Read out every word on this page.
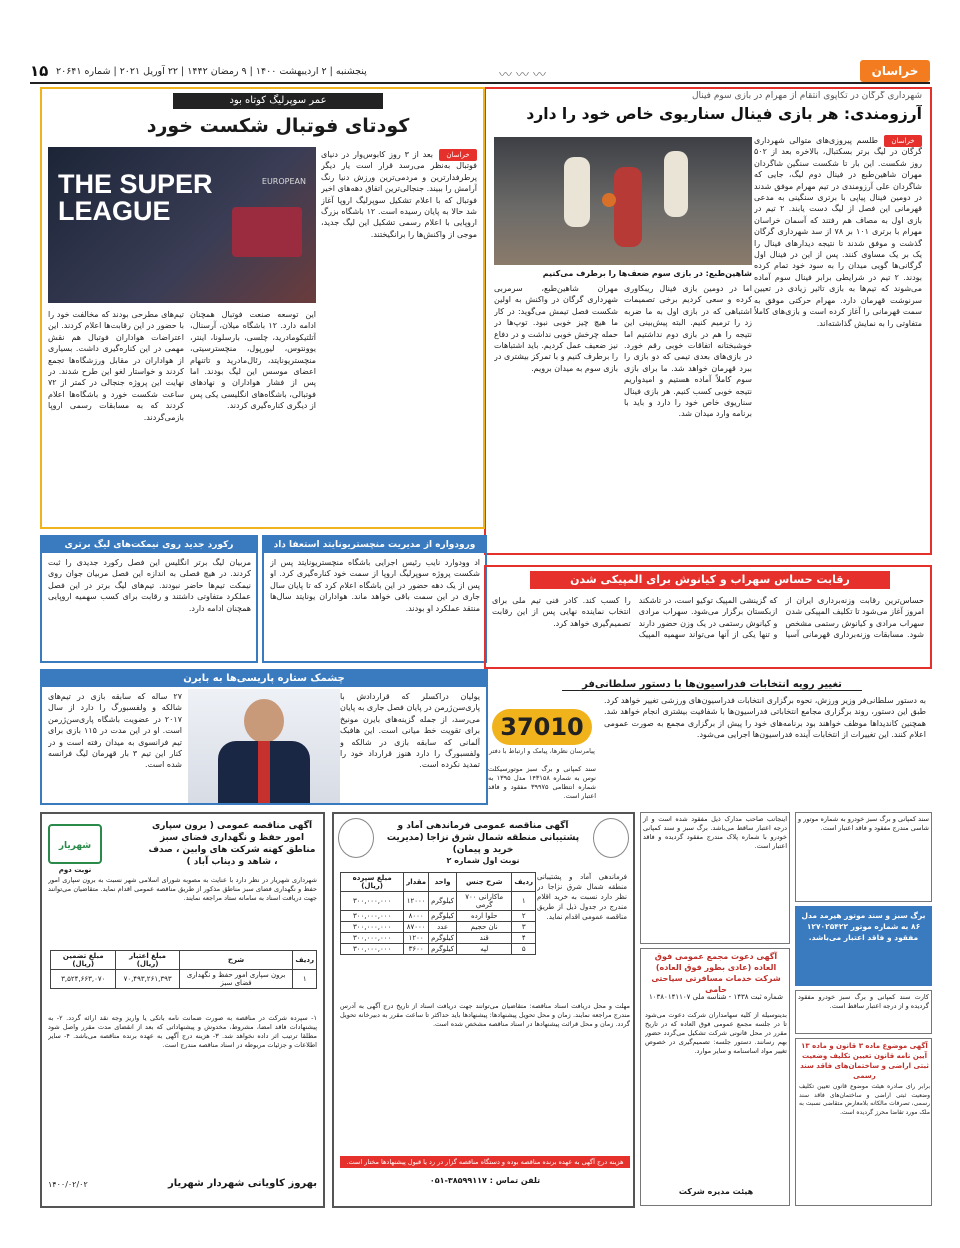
خراسان
〰〰〰
پنجشنبه | ۲ اردیبهشت ۱۴۰۰ | ۹ رمضان ۱۴۴۲ | ۲۲ آوریل ۲۰۲۱ | شماره ۲۰۶۴۱
۱۵
شهرداری گرگان در تکاپوی انتقام از مهرام در بازی سوم فینال
آرزومندی: هر بازی فینال سناریوی خاص خود را دارد
خراسان
طلسم پیروزی‌های متوالی شهرداری گرگان در لیگ برتر بسکتبال، بالاخره بعد از ۵۰۲ روز شکست. این بار تا شکست سنگین شاگردان مهران شاهین‌طبع در فینال دوم لیگ، جایی که شاگردان علی آرزومندی در تیم مهرام موفق شدند در دومین فینال پیاپی با برتری سنگینی به مدعی قهرمانی این فصل از لیگ دست یابند. ۲ تیم در بازی اول به مصاف هم رفتند که آسمان خراسان مهرام با برتری ۱۰۱ بر ۷۸ از سد شهرداری گرگان گذشت و موفق شدند تا نتیجه دیدارهای فینال را یک بر یک مساوی کنند. پس از این در فینال اول گرگانی‌ها گویی میدان را به سود خود تمام کرده بودند. ۲ تیم در شرایطی برابر فینال سوم آماده می‌شوند که تیم‌ها به بازی تاثیر زیادی در تعیین سرنوشت قهرمان دارد. مهرام حرکتی موفق به سمت قهرمانی را آغاز کرده است و بازی‌های کاملاً متفاوتی را به نمایش گذاشته‌اند.
شاهین‌طبع: در بازی سوم ضعف‌ها را برطرف می‌کنیم
اما در دومین بازی فینال ریبکاوری کرده و سعی کردیم برخی تصمیمات اشتباهی که در بازی اول به ما ضربه زد را ترمیم کنیم. البته پیش‌بینی این نتیجه را هم در بازی دوم نداشتیم اما خوشبختانه اتفاقات خوبی رقم خورد. در بازی‌های بعدی تیمی که دو بازی را ببرد قهرمان خواهد شد. ما برای بازی سوم کاملاً آماده هستیم و امیدواریم نتیجه خوبی کسب کنیم. هر بازی فینال سناریوی خاص خود را دارد و باید با برنامه وارد میدان شد.
مهران شاهین‌طبع، سرمربی شهرداری گرگان در واکنش به اولین شکست فصل تیمش می‌گوید: در کار ما هیچ چیز خوبی نبود. توپ‌ها در حمله چرخش خوبی نداشت و در دفاع نیز ضعیف عمل کردیم. باید اشتباهات را برطرف کنیم و با تمرکز بیشتری در بازی سوم به میدان برویم.
عمر سوپرلیگ کوتاه بود
کودتای فوتبال شکست خورد
THE SUPER LEAGUE
EUROPEAN
خراسان
بعد از ۳ روز کابوس‌وار در دنیای فوتبال به‌نظر می‌رسد قرار است یار دیگر پرطرفدارترین و مردمی‌ترین ورزش دنیا رنگ آرامش را ببیند. جنجالی‌ترین اتفاق دهه‌های اخیر فوتبال که با اعلام تشکیل سوپرلیگ اروپا آغاز شد حالا به پایان رسیده است. ۱۲ باشگاه بزرگ اروپایی با اعلام رسمی تشکیل این لیگ جدید، موجی از واکنش‌ها را برانگیختند.
این توسعه صنعت فوتبال همچنان ادامه دارد. ۱۲ باشگاه میلان، آرسنال، آتلتیکومادرید، چلسی، بارسلونا، اینتر، یوونتوس، لیورپول، منچسترسیتی، منچستریونایتد، رئال‌مادرید و تاتنهام اعضای موسس این لیگ بودند. اما پس از فشار هواداران و نهادهای فوتبالی، باشگاه‌های انگلیسی یکی پس از دیگری کناره‌گیری کردند.
تیم‌های مطرحی بودند که مخالفت خود را با حضور در این رقابت‌ها اعلام کردند. این اعتراضات هواداران فوتبال هم نقش مهمی در این کناره‌گیری داشت. بسیاری از هواداران در مقابل ورزشگاه‌ها تجمع کردند و خواستار لغو این طرح شدند. در نهایت این پروژه جنجالی در کمتر از ۷۲ ساعت شکست خورد و باشگاه‌ها اعلام کردند که به مسابقات رسمی اروپا بازمی‌گردند.
ورودواره از مدیریت منچستریونایتد استعفا داد
اد وودوارد نایب رئیس اجرایی باشگاه منچستریونایتد پس از شکست پروژه سوپرلیگ اروپا از سمت خود کناره‌گیری کرد. او پس از یک دهه حضور در این باشگاه اعلام کرد که تا پایان سال جاری در این سمت باقی خواهد ماند. هواداران یونایتد سال‌ها منتقد عملکرد او بودند.
رکورد جدید روی نیمکت‌های لیگ برتری
مربیان لیگ برتر انگلیس این فصل رکورد جدیدی را ثبت کردند. در هیچ فصلی به اندازه این فصل مربیان جوان روی نیمکت تیم‌ها حاضر نبودند. تیم‌های لیگ برتر در این فصل عملکرد متفاوتی داشتند و رقابت برای کسب سهمیه اروپایی همچنان ادامه دارد.
رقابت حساس سهراب و کیانوش برای المپیکی شدن
حساس‌ترین رقابت وزنه‌برداری ایران از امروز آغاز می‌شود تا تکلیف المپیکی شدن سهراب مرادی و کیانوش رستمی مشخص شود. مسابقات وزنه‌برداری قهرمانی آسیا که گزینشی المپیک توکیو است، در تاشکند ازبکستان برگزار می‌شود. سهراب مرادی و کیانوش رستمی در یک وزن حضور دارند و تنها یکی از آنها می‌تواند سهمیه المپیک را کسب کند. کادر فنی تیم ملی برای انتخاب نماینده نهایی پس از این رقابت تصمیم‌گیری خواهد کرد.
چشمک ستاره پاریسی‌ها به بایرن
یولیان دراکسلر که قراردادش با پاری‌سن‌ژرمن در پایان فصل جاری به پایان می‌رسد، از جمله گزینه‌های بایرن مونیخ برای تقویت خط میانی است. این هافبک آلمانی که سابقه بازی در شالکه و ولفسبورگ را دارد هنوز قرارداد خود را تمدید نکرده است.
۲۷ ساله که سابقه بازی در تیم‌های شالکه و ولفسبورگ را دارد از سال ۲۰۱۷ در عضویت باشگاه پاری‌سن‌ژرمن است. او در این مدت در ۱۱۵ بازی برای تیم فرانسوی به میدان رفته است و در کنار این تیم ۳ بار قهرمان لیگ فرانسه شده است.
تغییر رویه انتخابات فدراسیون‌ها با دستور سلطانی‌فر
به دستور سلطانی‌فر وزیر ورزش، نحوه برگزاری انتخابات فدراسیون‌های ورزشی تغییر خواهد کرد. طبق این دستور، روند برگزاری مجامع انتخاباتی فدراسیون‌ها با شفافیت بیشتری انجام خواهد شد. همچنین کاندیداها موظف خواهند بود برنامه‌های خود را پیش از برگزاری مجمع به صورت عمومی اعلام کنند. این تغییرات از انتخابات آینده فدراسیون‌ها اجرایی می‌شود.
37010
پیامرسان نظرها، پیامک و ارتباط با دفتر
سند کمپانی و برگ سبز موتورسیکلت نوس به شماره ۱۴۳۱۵۸ مدل ۱۳۹۵ به شماره انتظامی ۳۹۹۷۵ مفقود و فاقد اعتبار است.
آگهی مناقصه عمومی ( برون سپاری امور حفظ و نگهداری فضای سبز مناطق کهنه شرکت های وابین ، صدف ، شاهد و دیناب آباد )
شهریار
نوبت دوم
شهرداری شهریار در نظر دارد با عنایت به مصوبه شورای اسلامی شهر نسبت به برون سپاری امور حفظ و نگهداری فضای سبز مناطق مذکور از طریق مناقصه عمومی اقدام نماید. متقاضیان می‌توانند جهت دریافت اسناد به سامانه ستاد مراجعه نمایند.
ردیف	شرح	مبلغ اعتبار (ریال)	مبلغ تضمین (ریال)
۱	برون سپاری امور حفظ و نگهداری فضای سبز	۷۰,۴۹۳,۲۶۱,۳۹۳	۳,۵۲۴,۶۶۳,۰۷۰
۱- سپرده شرکت در مناقصه به صورت ضمانت نامه بانکی یا واریز وجه نقد ارائه گردد. ۲- به پیشنهادات فاقد امضا، مشروط، مخدوش و پیشنهاداتی که بعد از انقضای مدت مقرر واصل شود مطلقا ترتیب اثر داده نخواهد شد. ۳- هزینه درج آگهی به عهده برنده مناقصه می‌باشد. ۴- سایر اطلاعات و جزئیات مربوطه در اسناد مناقصه مندرج است.
بهروز کاویانی شهردار شهریار
۱۴۰۰/۰۲/۰۲
آگهی مناقصه عمومی فرماندهی آماد و پشتیبانی منطقه شمال شرق نزاجا (مدیریت خرید و پیمان)
نوبت اول شماره ۲
فرماندهی آماد و پشتیبانی منطقه شمال شرق نزاجا در نظر دارد نسبت به خرید اقلام مندرج در جدول ذیل از طریق مناقصه عمومی اقدام نماید.
ردیف	شرح جنس	واحد	مقدار	مبلغ سپرده (ریال)
۱	ماکارانی ۷۰۰ گرمی	کیلوگرم	۱۲۰۰۰	۳۰۰,۰۰۰,۰۰۰
۲	حلوا ارده	کیلوگرم	۸۰۰۰	۳۰۰,۰۰۰,۰۰۰
۳	نان حجیم	عدد	۸۷۰۰۰	۳۰۰,۰۰۰,۰۰۰
۴	قند	کیلوگرم	۱۲۰۰	۳۰۰,۰۰۰,۰۰۰
۵	لپه	کیلوگرم	۳۶۰۰	۳۰۰,۰۰۰,۰۰۰
مهلت و محل دریافت اسناد مناقصه: متقاضیان می‌توانند جهت دریافت اسناد از تاریخ درج آگهی به آدرس مندرج مراجعه نمایند. زمان و محل تحویل پیشنهادها: پیشنهادها باید حداکثر تا ساعت مقرر به دبیرخانه تحویل گردد. زمان و محل قرائت پیشنهادها در اسناد مناقصه مشخص شده است.
هزینه درج آگهی به عهده برنده مناقصه بوده و دستگاه مناقصه گزار در رد یا قبول پیشنهادها مختار است.
تلفن تماس : ۳۸۵۹۹۱۱۷-۰۵۱
اینجانب صاحب مدارک ذیل مفقود شده است و از درجه اعتبار ساقط می‌باشد. برگ سبز و سند کمپانی خودرو با شماره پلاک مندرج مفقود گردیده و فاقد اعتبار است.
آگهی دعوت مجمع عمومی فوق العاده (عادی بطور فوق العاده) شرکت خدمات مسافرتی سیاحتی حامی
شماره ثبت ۱۴۳۸ - شناسه ملی ۱۰۳۸۰۱۴۱۱۰۷
بدینوسیله از کلیه سهامداران شرکت دعوت می‌شود تا در جلسه مجمع عمومی فوق العاده که در تاریخ مقرر در محل قانونی شرکت تشکیل می‌گردد حضور بهم رسانند. دستور جلسه: تصمیم‌گیری در خصوص تغییر مواد اساسنامه و سایر موارد.
هیئت مدیره شرکت
سند کمپانی و برگ سبز خودرو به شماره موتور و شاسی مندرج مفقود و فاقد اعتبار است.
برگ سبز و سند موتور هیرمد مدل ۸۶ به شماره موتور ۱۲۷۰۲۵۴۲۲ مفقود و فاقد اعتبار می‌باشد.
کارت سند کمپانی و برگ سبز خودرو مفقود گردیده و از درجه اعتبار ساقط است.
آگهی موضوع ماده ۳ قانون و ماده ۱۳ آیین نامه قانون تعیین تکلیف وضعیت ثبتی اراضی و ساختمان‌های فاقد سند رسمی
برابر رای صادره هیئت موضوع قانون تعیین تکلیف وضعیت ثبتی اراضی و ساختمان‌های فاقد سند رسمی، تصرفات مالکانه بلامعارض متقاضی نسبت به ملک مورد تقاضا محرز گردیده است.
